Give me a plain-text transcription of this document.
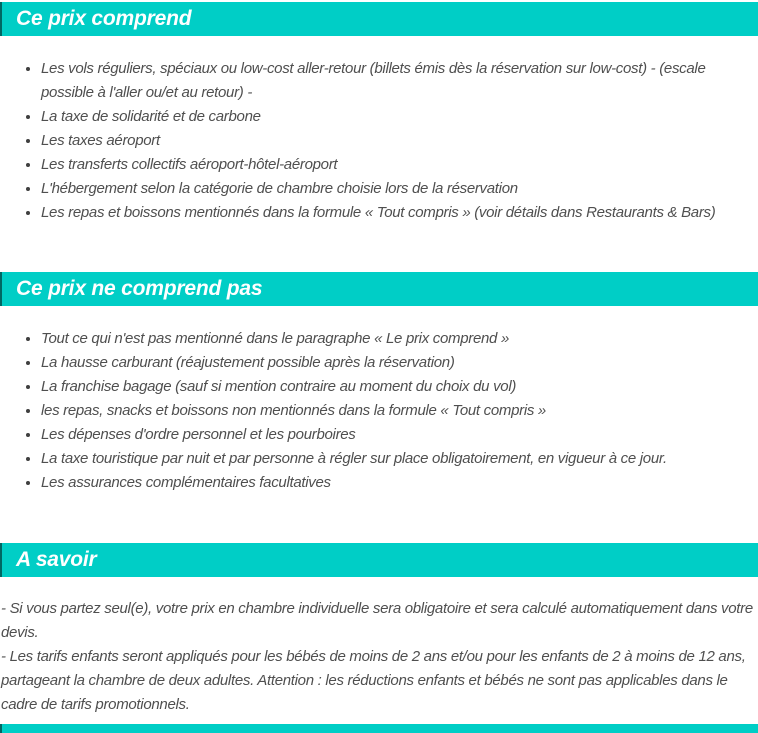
Ce prix comprend
• Les vols réguliers, spéciaux ou low-cost aller-retour (billets émis dès la réservation sur low-cost) - (escale possible à l'aller ou/et au retour) -
• La taxe de solidarité et de carbone
• Les taxes aéroport
• Les transferts collectifs aéroport-hôtel-aéroport
• L'hébergement selon la catégorie de chambre choisie lors de la réservation
• Les repas et boissons mentionnés dans la formule « Tout compris » (voir détails dans Restaurants & Bars)
Ce prix ne comprend pas
• Tout ce qui n'est pas mentionné dans le paragraphe « Le prix comprend »
• La hausse carburant (réajustement possible après la réservation)
• La franchise bagage (sauf si mention contraire au moment du choix du vol)
• les repas, snacks et boissons non mentionnés dans la formule « Tout compris »
• Les dépenses d'ordre personnel et les pourboires
• La taxe touristique par nuit et par personne à régler sur place obligatoirement, en vigueur à ce jour.
• Les assurances complémentaires facultatives
A savoir

- Si vous partez seul(e), votre prix en chambre individuelle sera obligatoire et sera calculé automatiquement dans votre devis.

- Les tarifs enfants seront appliqués pour les bébés de moins de 2 ans et/ou pour les enfants de 2 à moins de 12 ans, partageant la chambre de deux adultes. Attention : les réductions enfants et bébés ne sont pas applicables dans le cadre de tarifs promotionnels.
